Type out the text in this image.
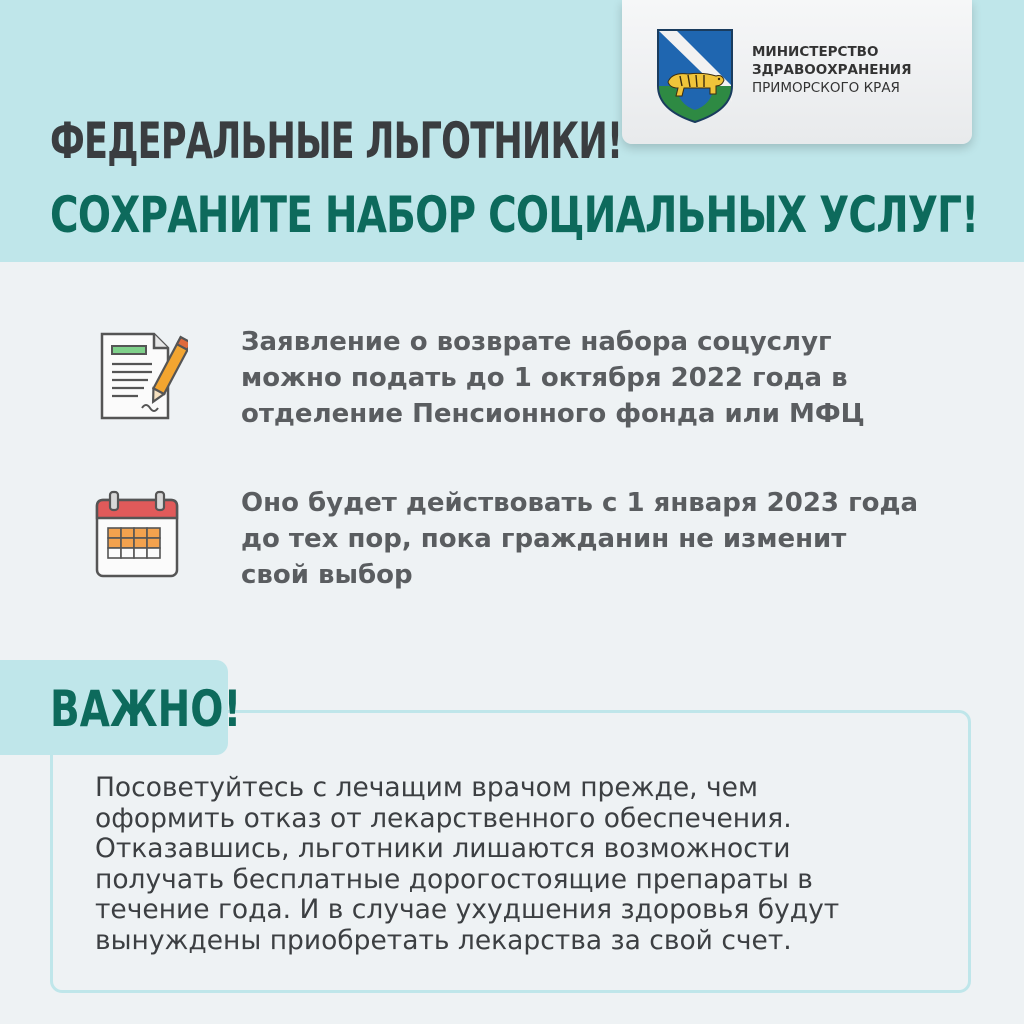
МИНИСТЕРСТВО
ЗДРАВООХРАНЕНИЯ
ПРИМОРСКОГО КРАЯ
ФЕДЕРАЛЬНЫЕ ЛЬГОТНИКИ!
СОХРАНИТЕ НАБОР СОЦИАЛЬНЫХ УСЛУГ!
Заявление о возврате набора соцуслуг
можно подать до 1 октября 2022 года в
отделение Пенсионного фонда или МФЦ
Оно будет действовать с 1 января 2023 года
до тех пор, пока гражданин не изменит
свой выбор
ВАЖНО!
Посоветуйтесь с лечащим врачом прежде, чем
оформить отказ от лекарственного обеспечения.
Отказавшись, льготники лишаются возможности
получать бесплатные дорогостоящие препараты в
течение года. И в случае ухудшения здоровья будут
вынуждены приобретать лекарства за свой счет.
